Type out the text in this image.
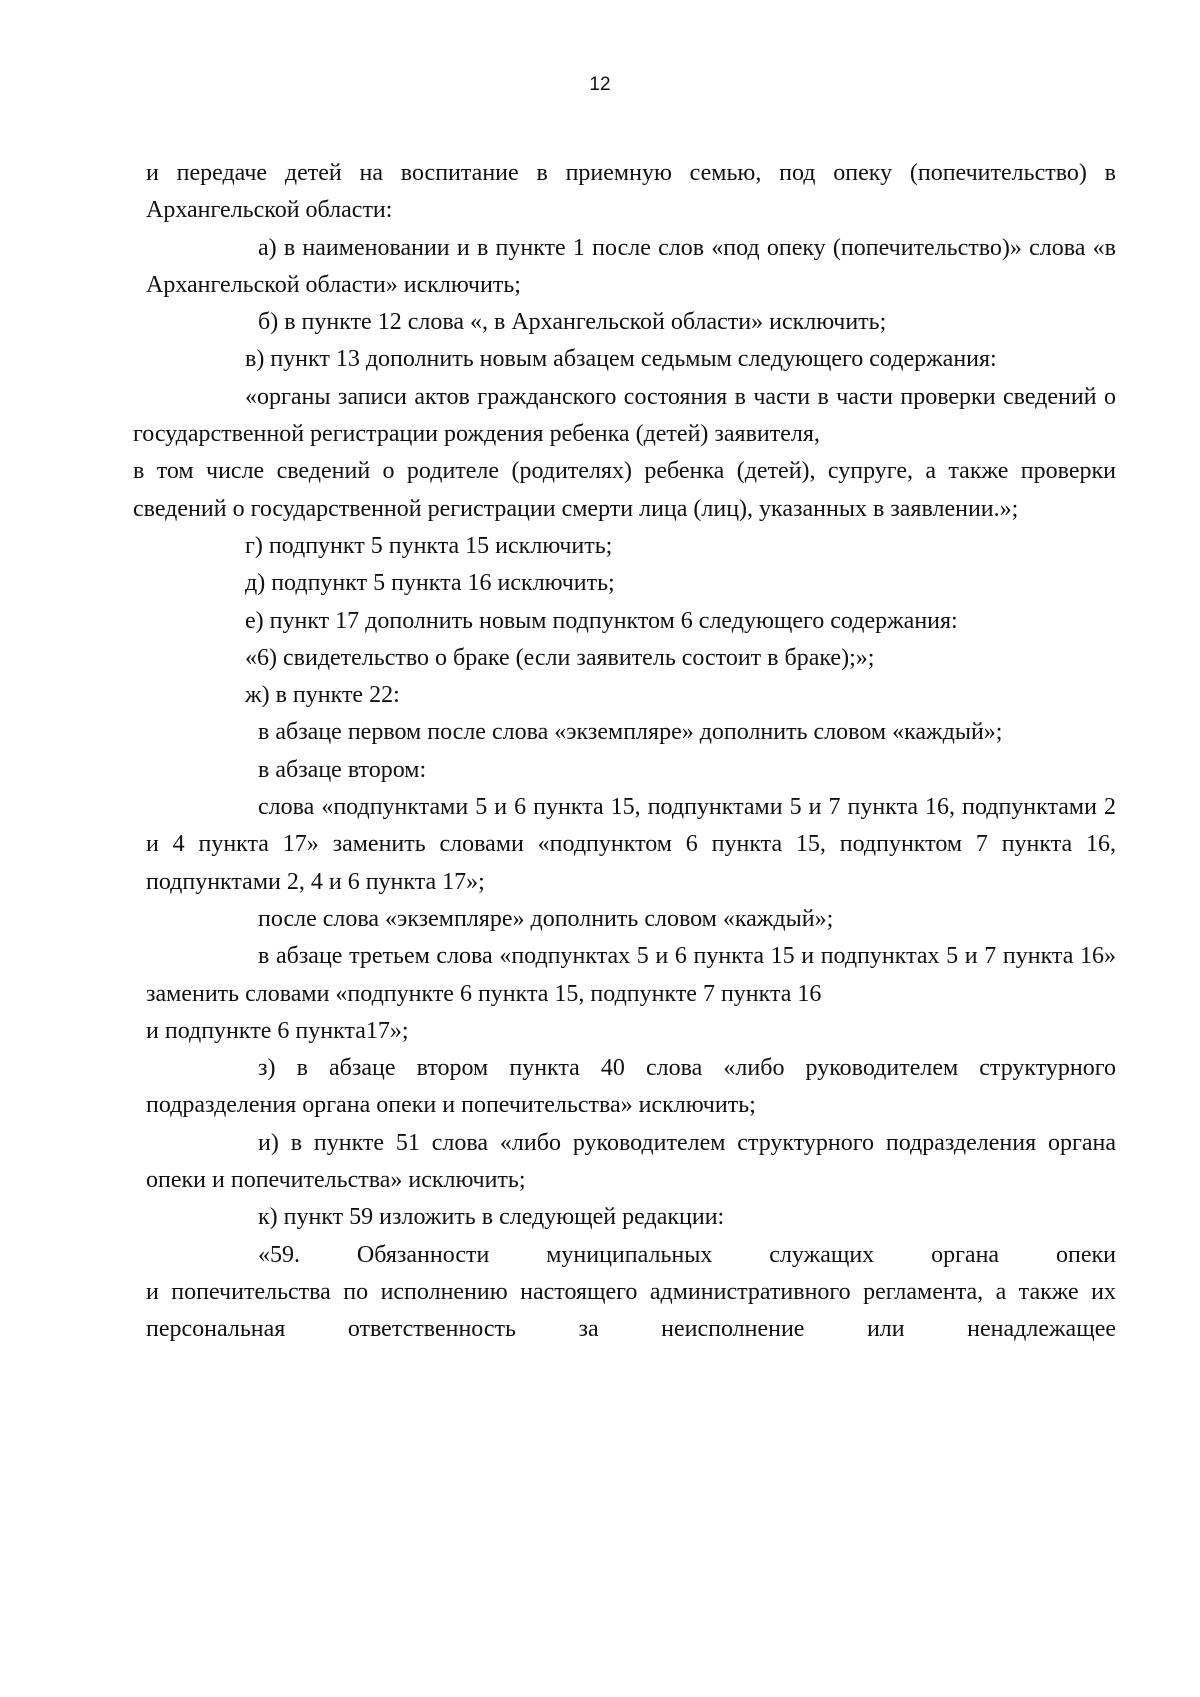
12

и передаче детей на воспитание в приемную семью, под опеку (попечительство) в Архангельской области:

а) в наименовании и в пункте 1 после слов «под опеку (попечительство)» слова «в Архангельской области» исключить;

б) в пункте 12 слова «, в Архангельской области» исключить;

в) пункт 13 дополнить новым абзацем седьмым следующего содержания:

«органы записи актов гражданского состояния в части в части проверки сведений о государственной регистрации рождения ребенка (детей) заявителя,

в том числе сведений о родителе (родителях) ребенка (детей), супруге, а также проверки сведений о государственной регистрации смерти лица (лиц), указанных в заявлении.»;

г) подпункт 5 пункта 15 исключить;

д) подпункт 5 пункта 16 исключить;

е) пункт 17 дополнить новым подпунктом 6 следующего содержания:

«6) свидетельство о браке (если заявитель состоит в браке);»;

ж) в пункте 22:

в абзаце первом после слова «экземпляре» дополнить словом «каждый»;

в абзаце втором:

слова «подпунктами 5 и 6 пункта 15, подпунктами 5 и 7 пункта 16, подпунктами 2 и 4 пункта 17» заменить словами «подпунктом 6 пункта 15, подпунктом 7 пункта 16, подпунктами 2, 4 и 6 пункта 17»;

после слова «экземпляре» дополнить словом «каждый»;

в абзаце третьем слова «подпунктах 5 и 6 пункта 15 и подпунктах 5 и 7 пункта 16» заменить словами «подпункте 6 пункта 15, подпункте 7 пункта 16

и подпункте 6 пункта17»;

з) в абзаце втором пункта 40 слова «либо руководителем структурного подразделения органа опеки и попечительства» исключить;

и) в пункте 51 слова «либо руководителем структурного подразделения органа опеки и попечительства» исключить;

к) пункт 59 изложить в следующей редакции:

«59. Обязанности муниципальных служащих органа опеки

и попечительства по исполнению настоящего административного регламента, а также их персональная ответственность за неисполнение или ненадлежащее
